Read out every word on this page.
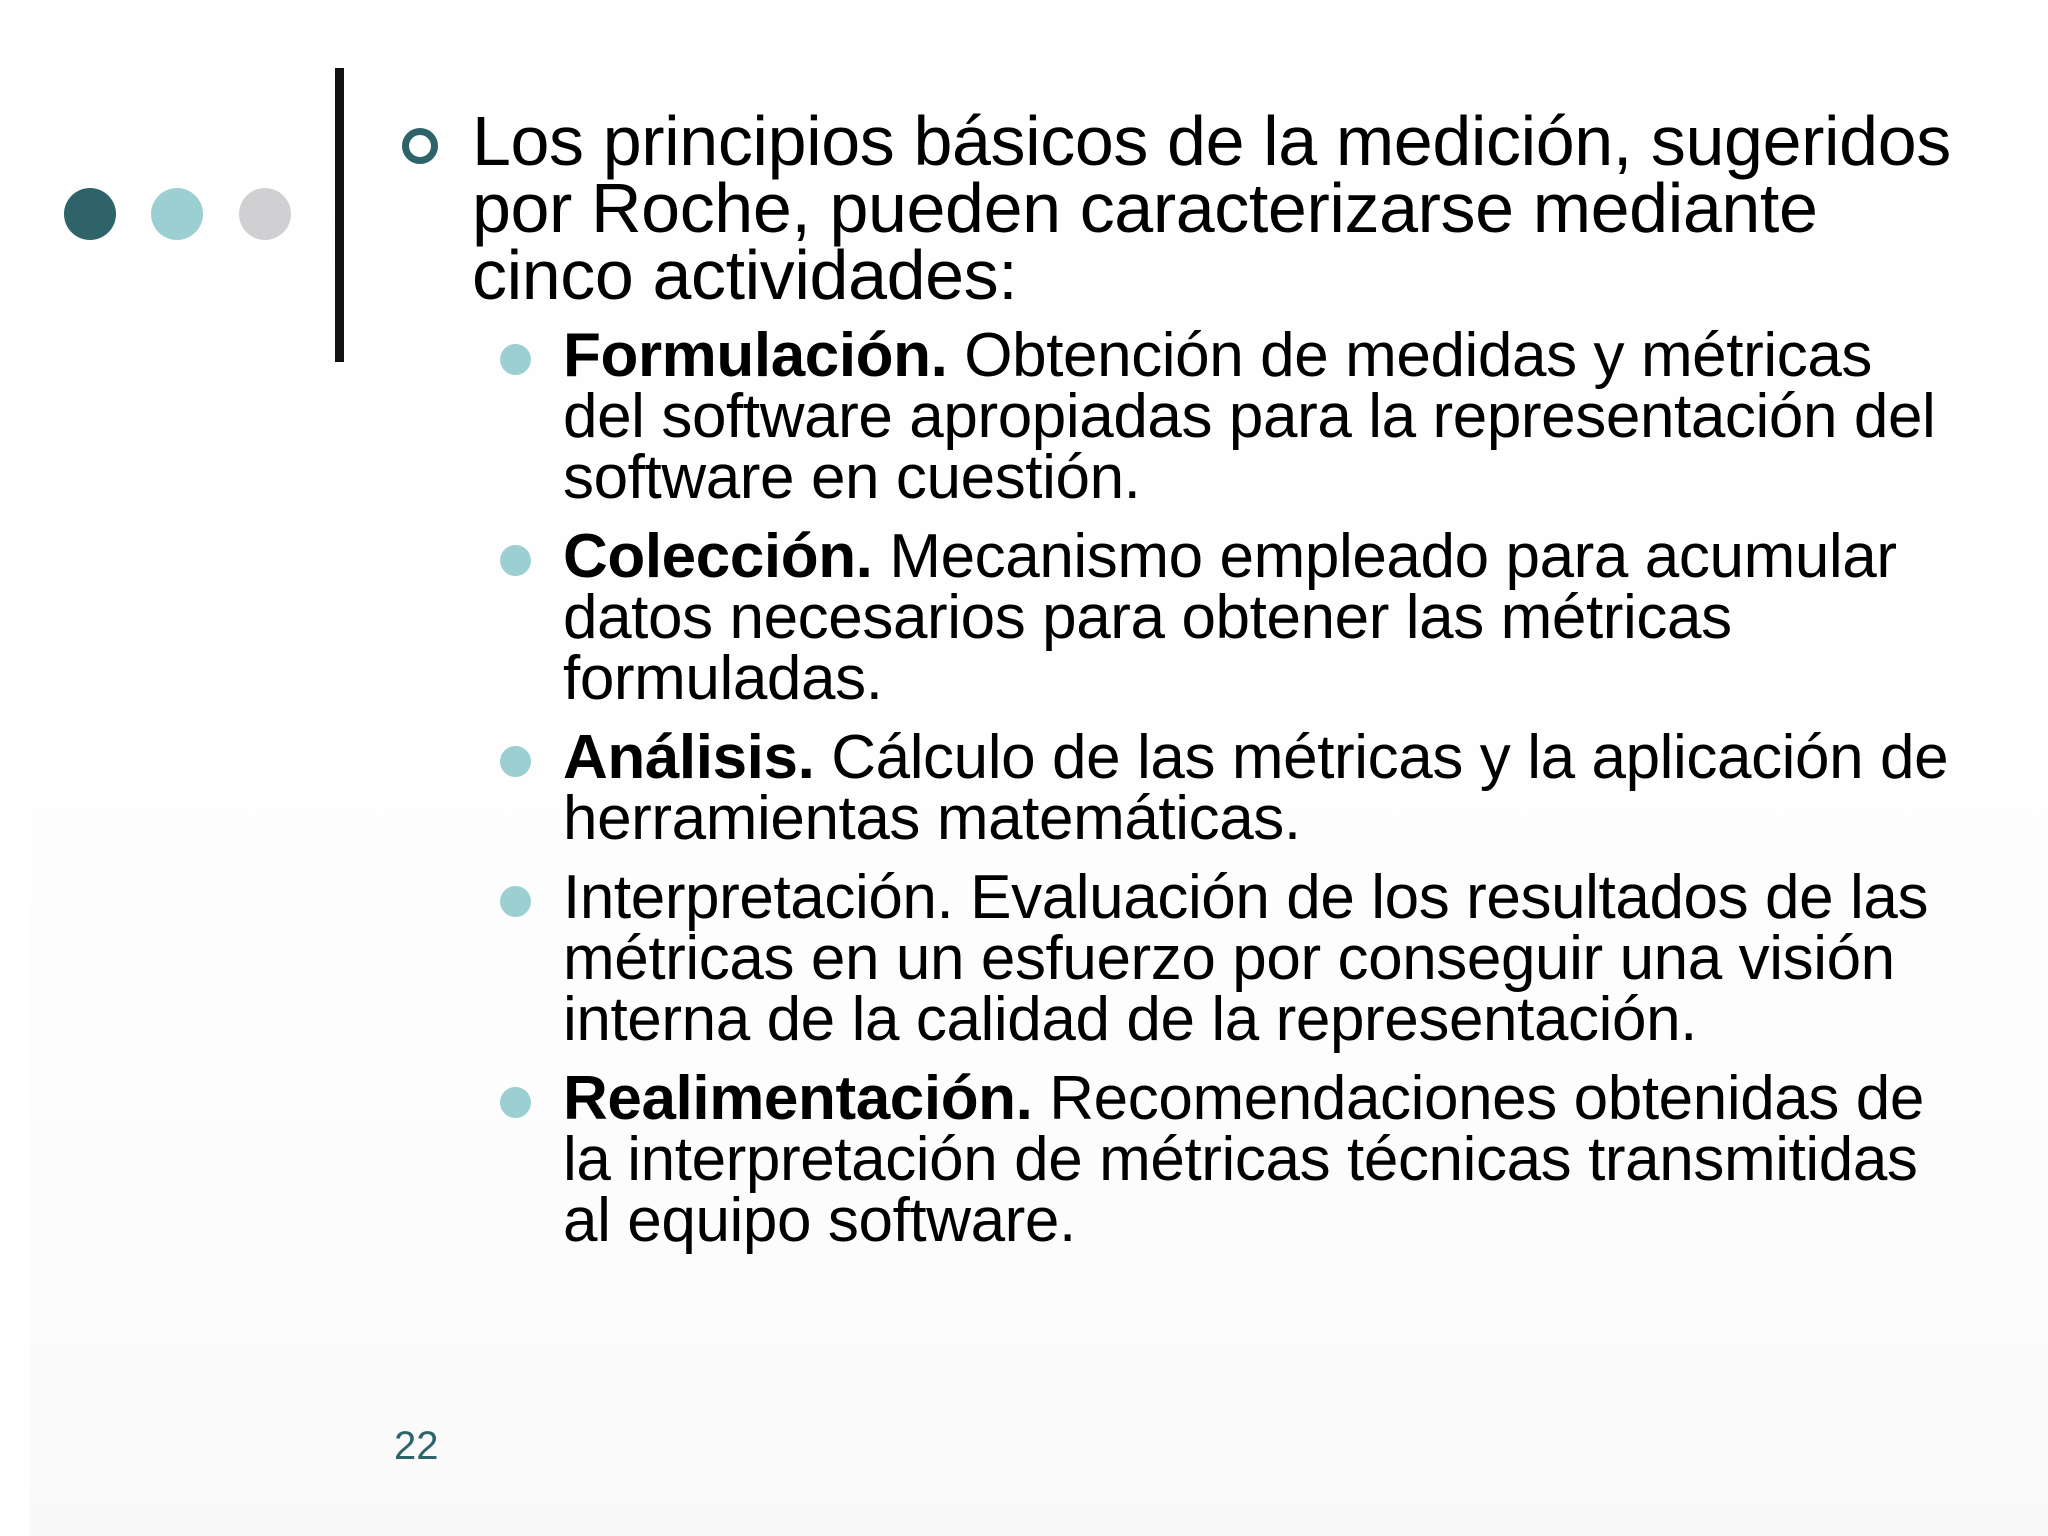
Los principios básicos de la medición, sugeridos por Roche, pueden caracterizarse mediante cinco actividades:

Formulación. Obtención de medidas y métricas del software apropiadas para la representación del software en cuestión.
Colección. Mecanismo empleado para acumular datos necesarios para obtener las métricas formuladas.
Análisis. Cálculo de las métricas y la aplicación de herramientas matemáticas.
Interpretación. Evaluación de los resultados de las métricas en un esfuerzo por conseguir una visión interna de la calidad de la representación.
Realimentación. Recomendaciones obtenidas de la interpretación de métricas técnicas transmitidas al equipo software.
22
